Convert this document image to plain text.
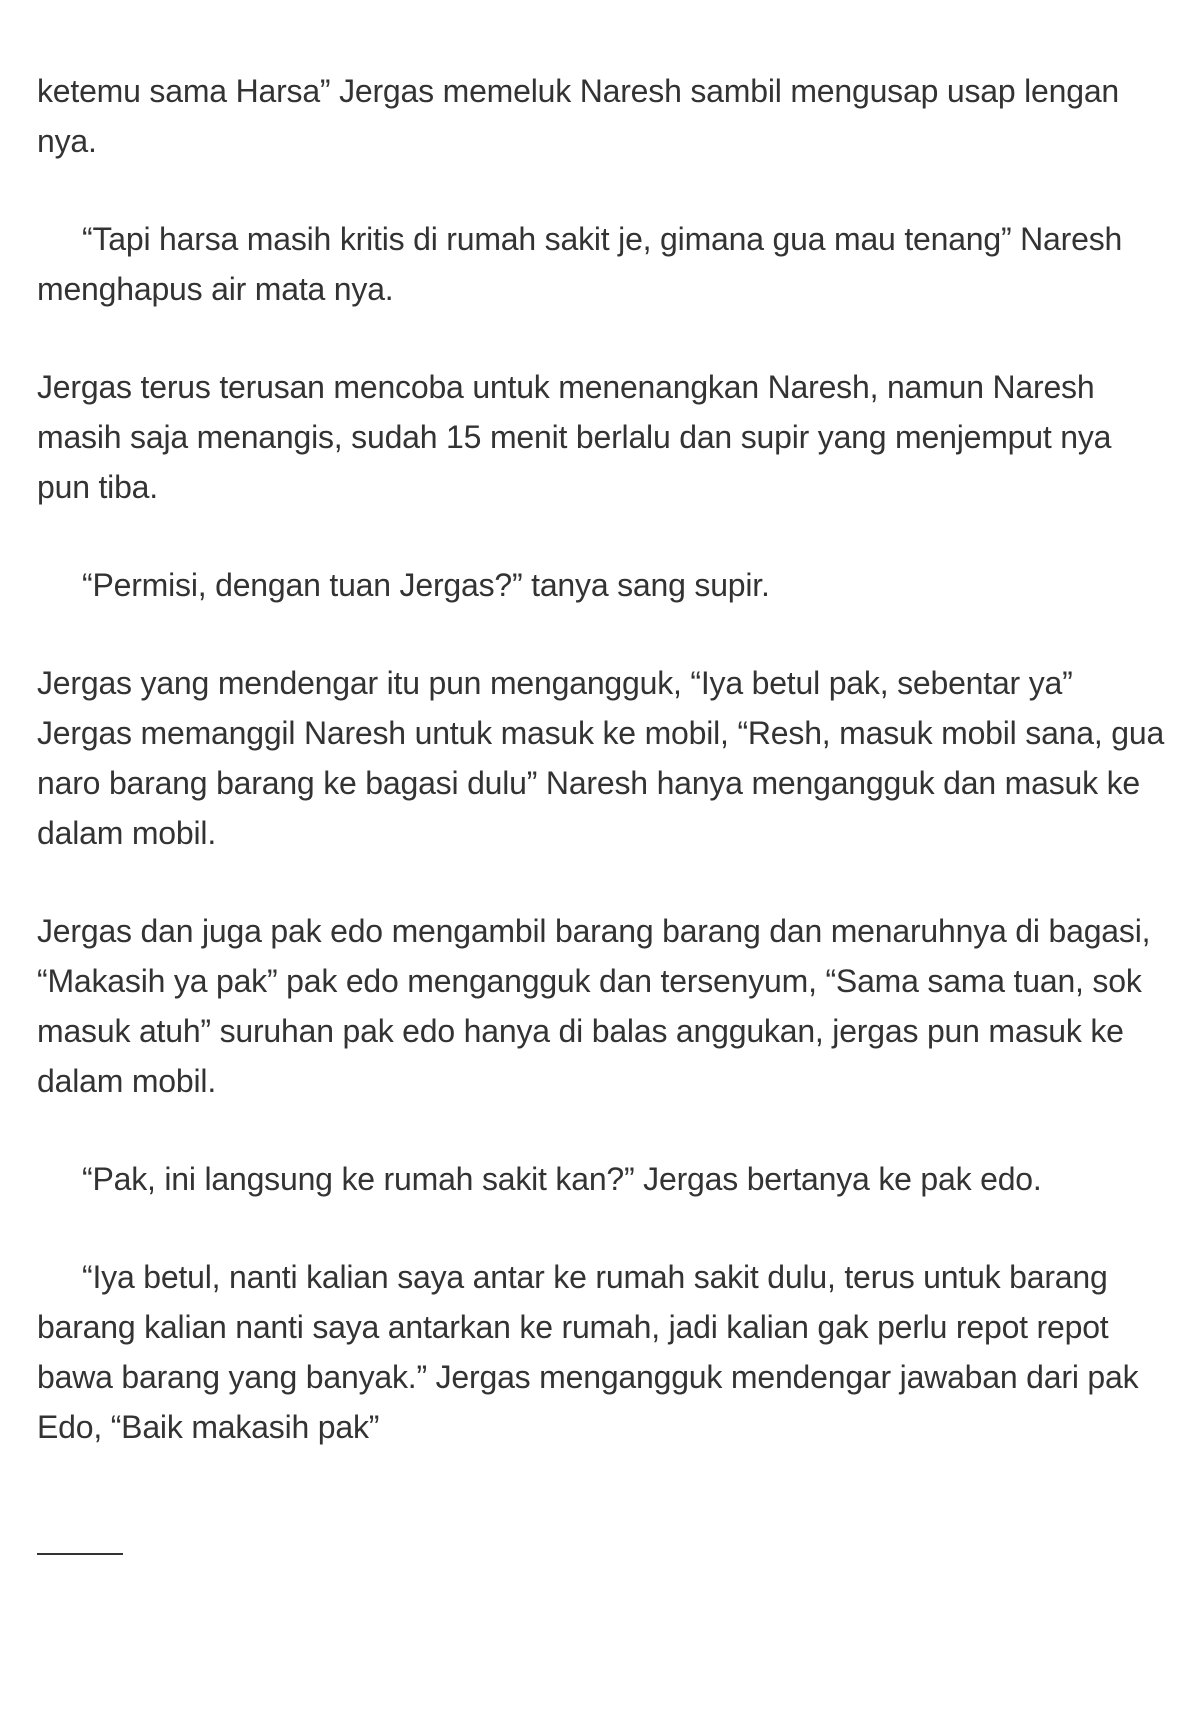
ketemu sama Harsa” Jergas memeluk Naresh sambil mengusap usap lengan nya.

“Tapi harsa masih kritis di rumah sakit je, gimana gua mau tenang” Naresh menghapus air mata nya.

Jergas terus terusan mencoba untuk menenangkan Naresh, namun Naresh masih saja menangis, sudah 15 menit berlalu dan supir yang menjemput nya pun tiba.

“Permisi, dengan tuan Jergas?” tanya sang supir.

Jergas yang mendengar itu pun mengangguk, “Iya betul pak, sebentar ya” Jergas memanggil Naresh untuk masuk ke mobil, “Resh, masuk mobil sana, gua naro barang barang ke bagasi dulu” Naresh hanya mengangguk dan masuk ke dalam mobil.

Jergas dan juga pak edo mengambil barang barang dan menaruhnya di bagasi, “Makasih ya pak” pak edo mengangguk dan tersenyum, “Sama sama tuan, sok masuk atuh” suruhan pak edo hanya di balas anggukan, jergas pun masuk ke dalam mobil.

“Pak, ini langsung ke rumah sakit kan?” Jergas bertanya ke pak edo.

“Iya betul, nanti kalian saya antar ke rumah sakit dulu, terus untuk barang barang kalian nanti saya antarkan ke rumah, jadi kalian gak perlu repot repot bawa barang yang banyak.” Jergas mengangguk mendengar jawaban dari pak Edo, “Baik makasih pak”
